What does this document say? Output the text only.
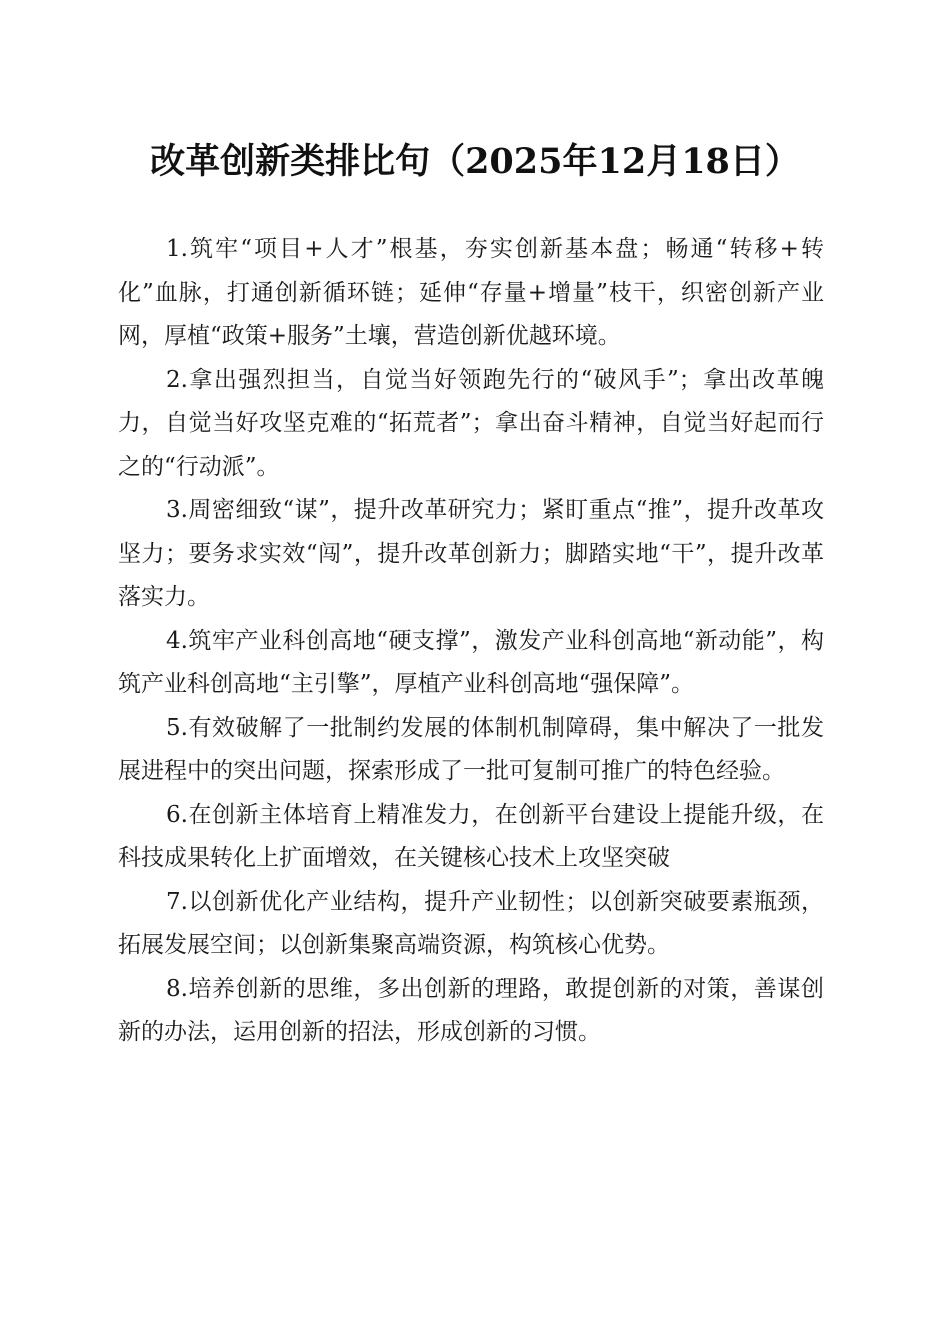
改革创新类排比句（2025年12月18日）

1.筑牢“项目+人才”根基，夯实创新基本盘；畅通“转移+转化”血脉，打通创新循环链；延伸“存量+增量”枝干，织密创新产业网，厚植“政策+服务”土壤，营造创新优越环境。

2.拿出强烈担当，自觉当好领跑先行的“破风手”；拿出改革魄力，自觉当好攻坚克难的“拓荒者”；拿出奋斗精神，自觉当好起而行之的“行动派”。

3.周密细致“谋”，提升改革研究力；紧盯重点“推”，提升改革攻坚力；要务求实效“闯”，提升改革创新力；脚踏实地“干”，提升改革落实力。

4.筑牢产业科创高地“硬支撑”，激发产业科创高地“新动能”，构筑产业科创高地“主引擎”，厚植产业科创高地“强保障”。

5.有效破解了一批制约发展的体制机制障碍，集中解决了一批发展进程中的突出问题，探索形成了一批可复制可推广的特色经验。

6.在创新主体培育上精准发力，在创新平台建设上提能升级，在科技成果转化上扩面增效，在关键核心技术上攻坚突破

7.以创新优化产业结构，提升产业韧性；以创新突破要素瓶颈，拓展发展空间；以创新集聚高端资源，构筑核心优势。

8.培养创新的思维，多出创新的理路，敢提创新的对策，善谋创新的办法，运用创新的招法，形成创新的习惯。
